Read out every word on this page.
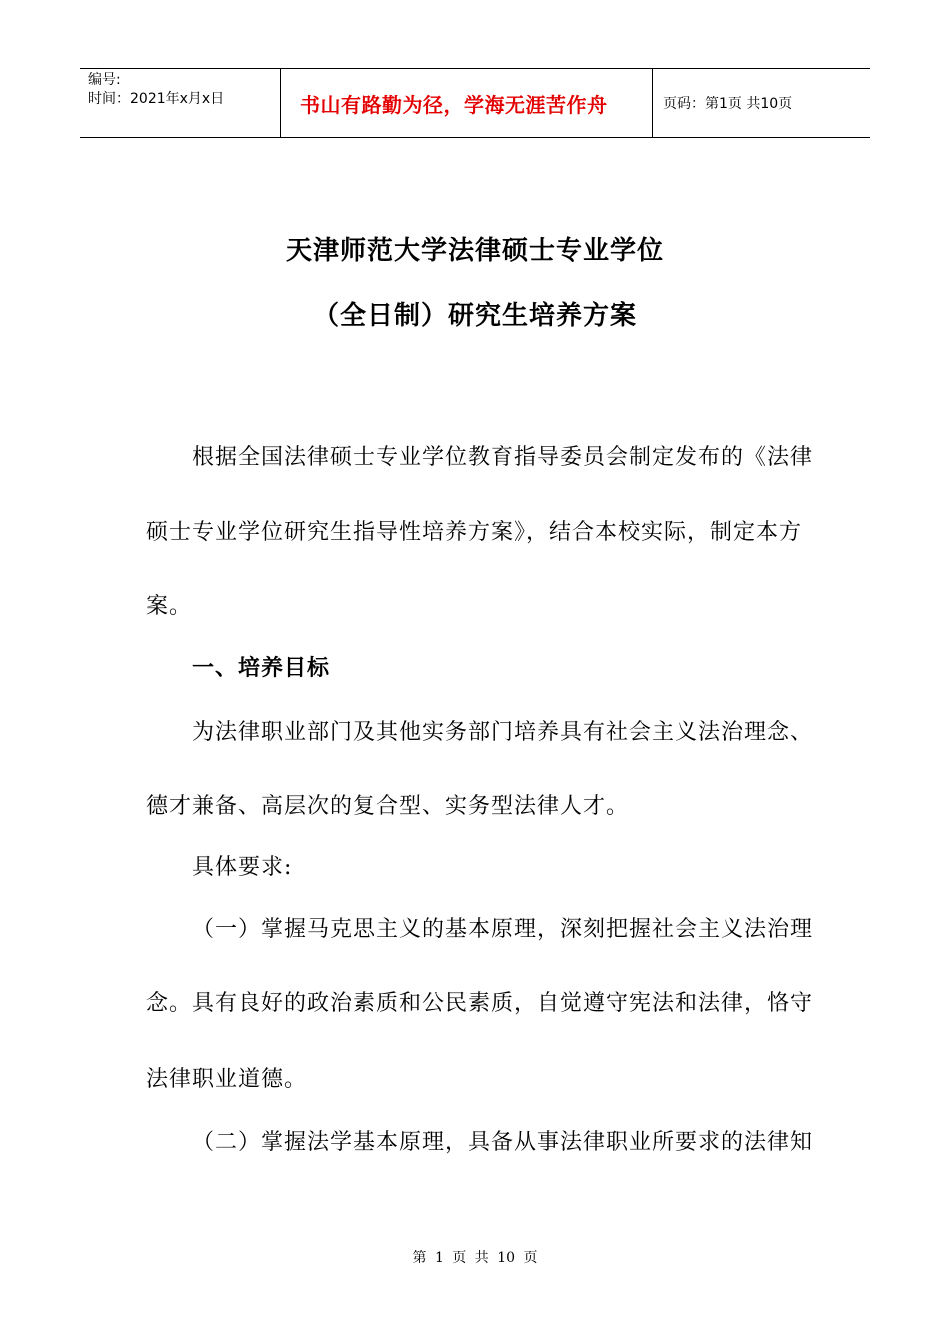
编号:
时间：2021年x月x日	书山有路勤为径，学海无涯苦作舟	页码：第1页 共10页
天津师范大学法律硕士专业学位
（全日制）研究生培养方案
根据全国法律硕士专业学位教育指导委员会制定发布的《法律
硕士专业学位研究生指导性培养方案》，结合本校实际，制定本方
案。
一、培养目标
为法律职业部门及其他实务部门培养具有社会主义法治理念、
德才兼备、高层次的复合型、实务型法律人才。
具体要求:
（一）掌握马克思主义的基本原理，深刻把握社会主义法治理
念。具有良好的政治素质和公民素质，自觉遵守宪法和法律，恪守
法律职业道德。
（二）掌握法学基本原理，具备从事法律职业所要求的法律知
第 1 页 共 10 页
